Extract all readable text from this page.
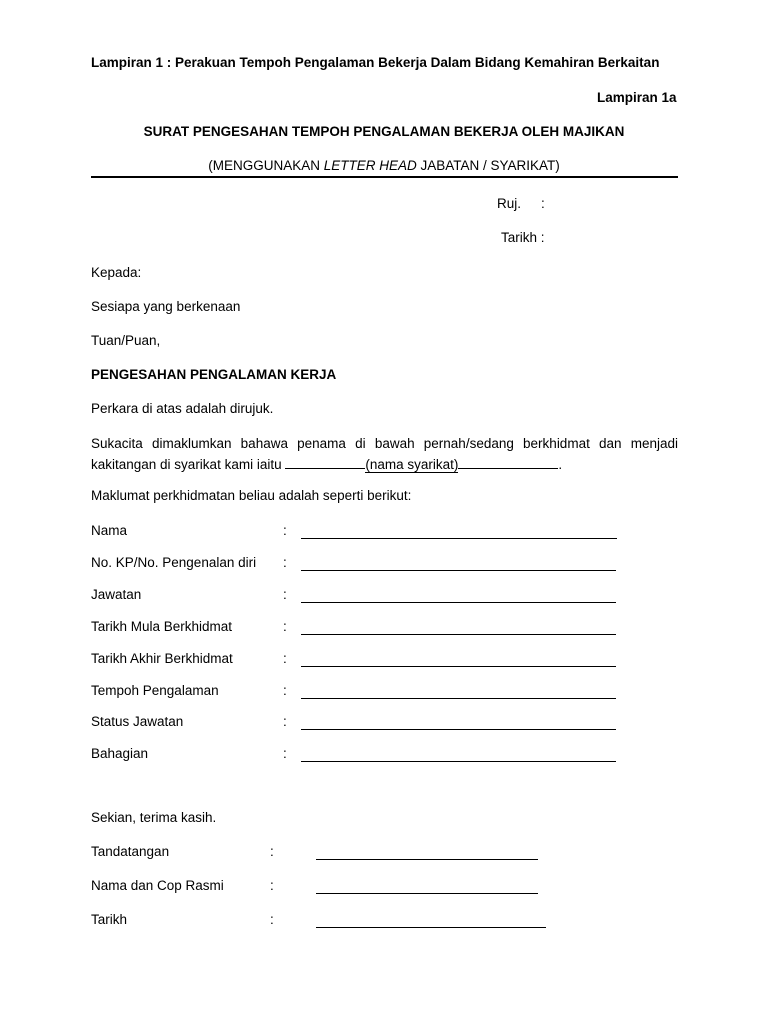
Lampiran 1 : Perakuan Tempoh Pengalaman Bekerja Dalam Bidang Kemahiran Berkaitan
Lampiran 1a
SURAT PENGESAHAN TEMPOH PENGALAMAN BEKERJA OLEH MAJIKAN
(MENGGUNAKAN LETTER HEAD JABATAN / SYARIKAT)
Ruj. :
Tarikh :
Kepada:
Sesiapa yang berkenaan
Tuan/Puan,
PENGESAHAN PENGALAMAN KERJA
Perkara di atas adalah dirujuk.
Sukacita dimaklumkan bahawa penama di bawah pernah/sedang berkhidmat dan menjadi
kakitangan di syarikat kami iaitu	(nama syarikat)	.
Maklumat perkhidmatan beliau adalah seperti berikut:
Nama	:
No. KP/No. Pengenalan diri :
Jawatan	:
Tarikh Mula Berkhidmat	:
Tarikh Akhir Berkhidmat	:
Tempoh Pengalaman	:
Status Jawatan	:
Bahagian	:
Sekian, terima kasih.
Tandatangan	:
Nama dan Cop Rasmi	:
Tarikh	:
